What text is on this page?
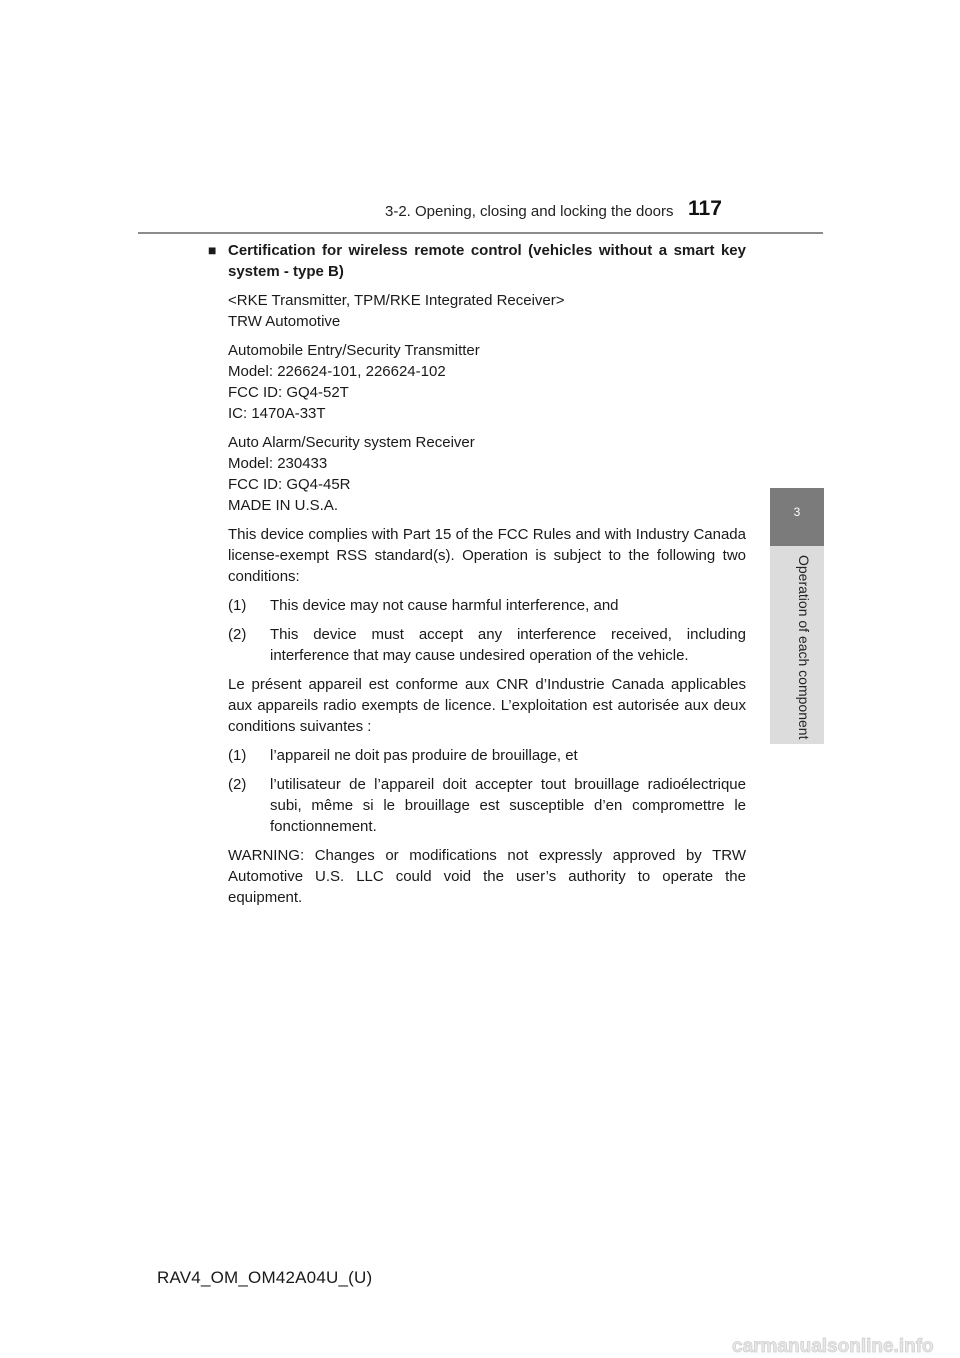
3-2. Opening, closing and locking the doors 117
3
Operation of each component
■ Certification for wireless remote control (vehicles without a smart key system - type B)
<RKE Transmitter, TPM/RKE Integrated Receiver>
TRW Automotive
Automobile Entry/Security Transmitter
Model: 226624-101, 226624-102
FCC ID: GQ4-52T
IC: 1470A-33T
Auto Alarm/Security system Receiver
Model: 230433
FCC ID: GQ4-45R
MADE IN U.S.A.
This device complies with Part 15 of the FCC Rules and with Industry Canada license-exempt RSS standard(s). Operation is subject to the following two conditions:
(1)	This device may not cause harmful interference, and
(2)	This device must accept any interference received, including interference that may cause undesired operation of the vehicle.
Le présent appareil est conforme aux CNR d’Industrie Canada applicables aux appareils radio exempts de licence. L’exploitation est autorisée aux deux conditions suivantes :
(1)	l’appareil ne doit pas produire de brouillage, et
(2)	l’utilisateur de l’appareil doit accepter tout brouillage radioélectrique subi, même si le brouillage est susceptible d’en compromettre le fonctionnement.
WARNING: Changes or modifications not expressly approved by TRW Automotive U.S. LLC could void the user’s authority to operate the equipment.
RAV4_OM_OM42A04U_(U)
carmanualsonline.info
